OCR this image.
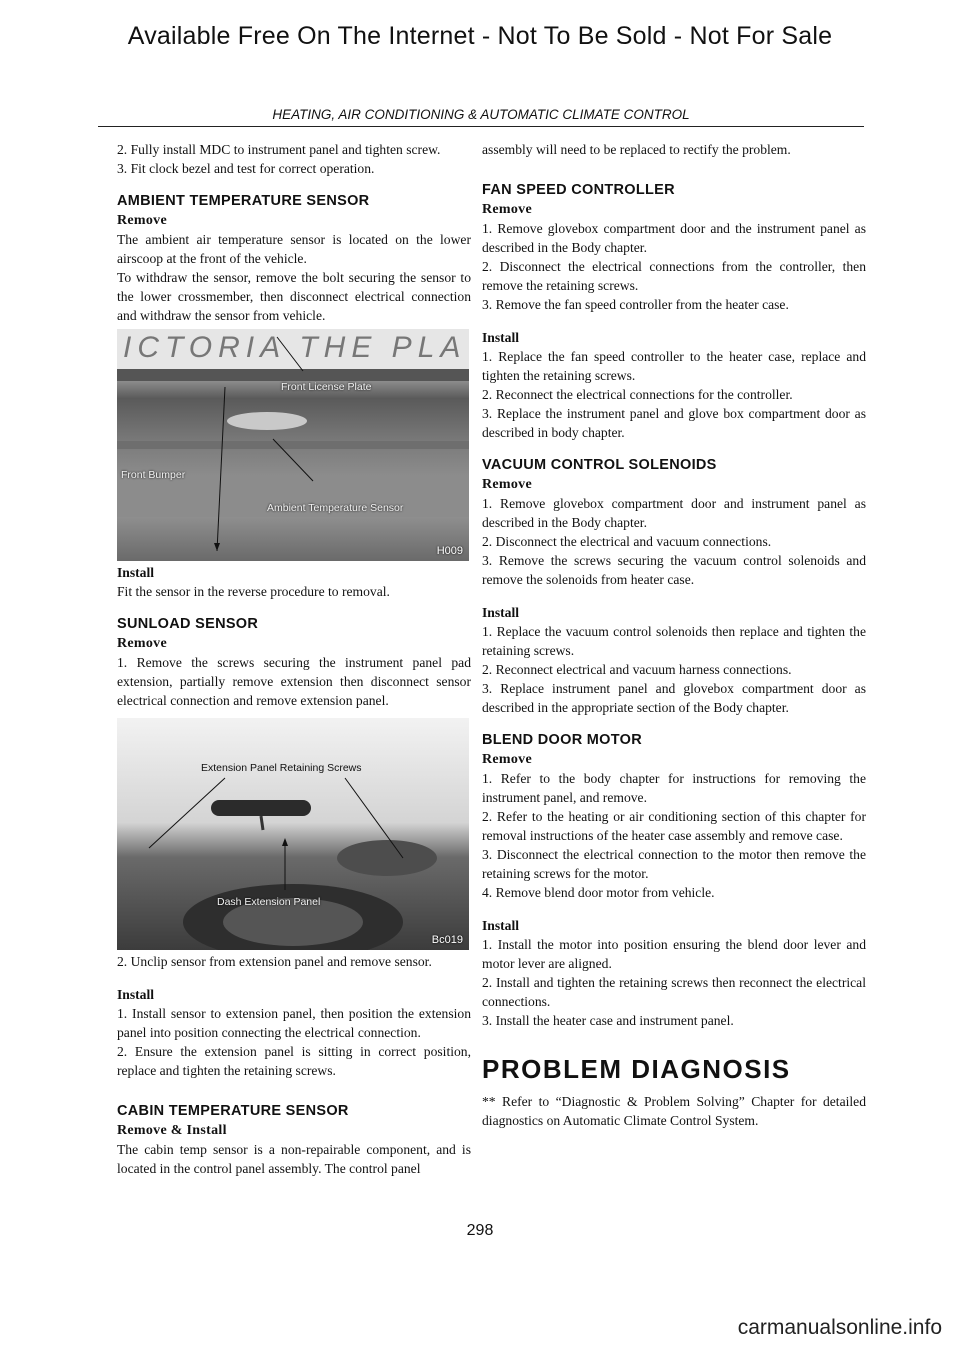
Available Free On The Internet - Not To Be Sold - Not For Sale
HEATING, AIR CONDITIONING & AUTOMATIC CLIMATE CONTROL

2. Fully install MDC to instrument panel and tighten screw.

3. Fit clock bezel and test for correct operation.

AMBIENT TEMPERATURE SENSOR
Remove

The ambient air temperature sensor is located on the lower airscoop at the front of the vehicle.

To withdraw the sensor, remove the bolt securing the sensor to the lower crossmember, then disconnect electrical connection and withdraw the sensor from vehicle.

ICTORIA THE PLA
Front License Plate
Front Bumper
Ambient Temperature Sensor
H009
Install

Fit the sensor in the reverse procedure to removal.

SUNLOAD SENSOR
Remove

1. Remove the screws securing the instrument panel pad extension, partially remove extension then disconnect sensor electrical connection and remove extension panel.

Extension Panel Retaining Screws
Dash Extension Panel
Bc019

2. Unclip sensor from extension panel and remove sensor.

Install

1. Install sensor to extension panel, then position the extension panel into position connecting the electrical connection.

2. Ensure the extension panel is sitting in correct position, replace and tighten the retaining screws.

CABIN TEMPERATURE SENSOR
Remove & Install

The cabin temp sensor is a non-repairable component, and is located in the control panel assembly. The control panel

assembly will need to be replaced to rectify the problem.

FAN SPEED CONTROLLER
Remove

1. Remove glovebox compartment door and the instrument panel as described in the Body chapter.

2. Disconnect the electrical connections from the controller, then remove the retaining screws.

3. Remove the fan speed controller from the heater case.

Install

1. Replace the fan speed controller to the heater case, replace and tighten the retaining screws.

2. Reconnect the electrical connections for the controller.

3. Replace the instrument panel and glove box compartment door as described in body chapter.

VACUUM CONTROL SOLENOIDS
Remove

1. Remove glovebox compartment door and instrument panel as described in the Body chapter.

2. Disconnect the electrical and vacuum connections.

3. Remove the screws securing the vacuum control solenoids and remove the solenoids from heater case.

Install

1. Replace the vacuum control solenoids then replace and tighten the retaining screws.

2. Reconnect electrical and vacuum harness connections.

3. Replace instrument panel and glovebox compartment door as described in the appropriate section of the Body chapter.

BLEND DOOR MOTOR
Remove

1. Refer to the body chapter for instructions for removing the instrument panel, and remove.

2. Refer to the heating or air conditioning section of this chapter for removal instructions of the heater case assembly and remove case.

3. Disconnect the electrical connection to the motor then remove the retaining screws for the motor.

4. Remove blend door motor from vehicle.

Install

1. Install the motor into position ensuring the blend door lever and motor lever are aligned.

2. Install and tighten the retaining screws then reconnect the electrical connections.

3. Install the heater case and instrument panel.

PROBLEM DIAGNOSIS

** Refer to “Diagnostic & Problem Solving” Chapter for detailed diagnostics on Automatic Climate Control System.

298
carmanualsonline.info
